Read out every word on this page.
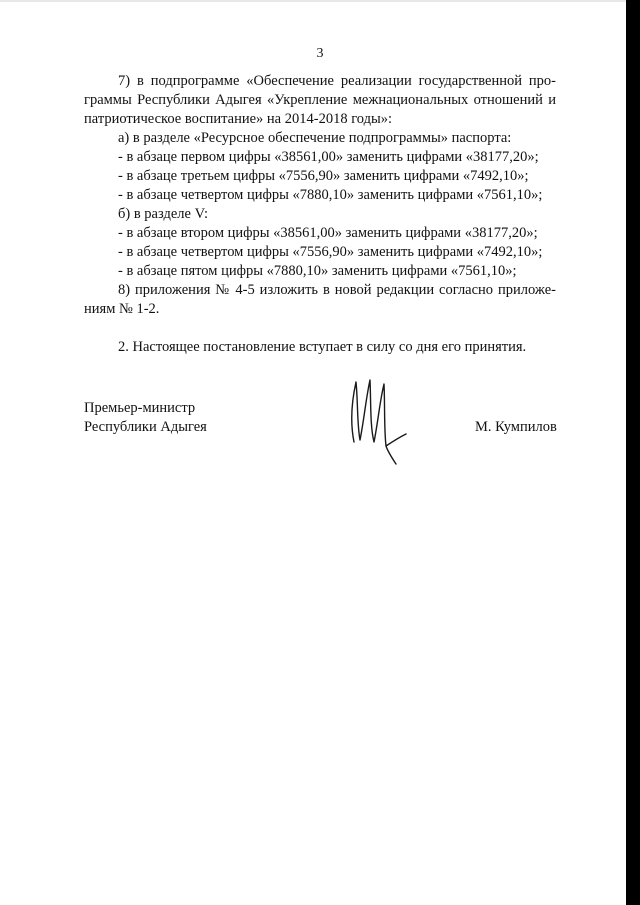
3

7) в подпрограмме «Обеспечение реализации государственной про-

граммы Республики Адыгея «Укрепление межнациональных отношений и

патриотическое воспитание» на 2014-2018 годы»:

а) в разделе «Ресурсное обеспечение подпрограммы» паспорта:

- в абзаце первом цифры «38561,00» заменить цифрами «38177,20»;

- в абзаце третьем цифры «7556,90» заменить цифрами «7492,10»;

- в абзаце четвертом цифры «7880,10» заменить цифрами «7561,10»;

б) в разделе V:

- в абзаце втором цифры «38561,00» заменить цифрами «38177,20»;

- в абзаце четвертом цифры «7556,90» заменить цифрами «7492,10»;

- в абзаце пятом цифры «7880,10» заменить цифрами «7561,10»;

8) приложения № 4-5 изложить в новой редакции согласно приложе-

ниям № 1-2.

2. Настоящее постановление вступает в силу со дня его принятия.

Премьер-министр
Республики Адыгея	М. Кумпилов
